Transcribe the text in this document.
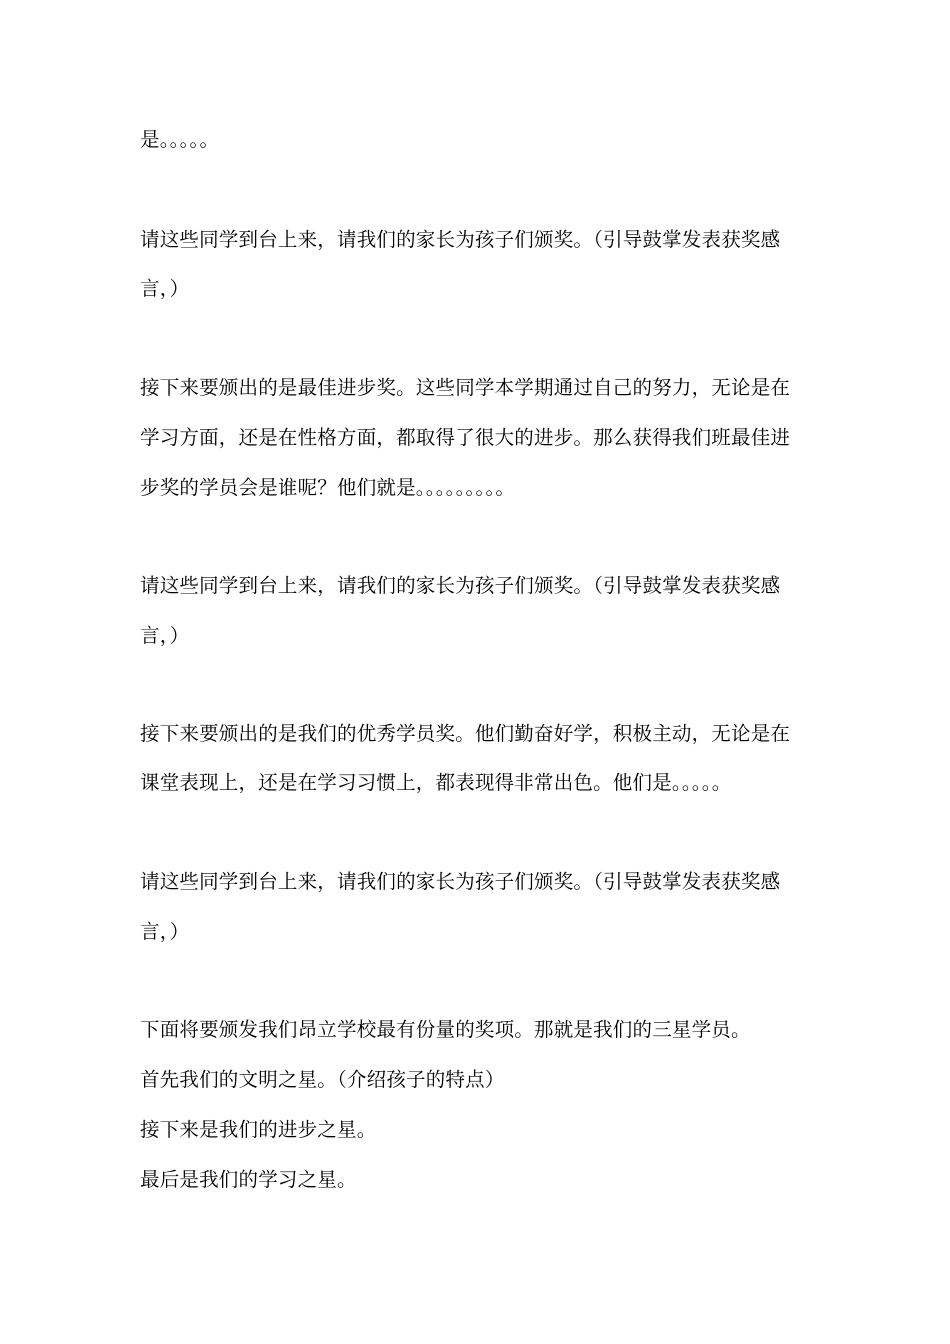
是。。。。。
请这些同学到台上来，请我们的家长为孩子们颁奖。（引导鼓掌发表获奖感
言，）
接下来要颁出的是最佳进步奖。这些同学本学期通过自己的努力，无论是在
学习方面，还是在性格方面，都取得了很大的进步。那么获得我们班最佳进
步奖的学员会是谁呢？他们就是。。。。。。。。。
请这些同学到台上来，请我们的家长为孩子们颁奖。（引导鼓掌发表获奖感
言，）
接下来要颁出的是我们的优秀学员奖。他们勤奋好学，积极主动，无论是在
课堂表现上，还是在学习习惯上，都表现得非常出色。他们是。。。。。
请这些同学到台上来，请我们的家长为孩子们颁奖。（引导鼓掌发表获奖感
言，）
下面将要颁发我们昂立学校最有份量的奖项。那就是我们的三星学员。
首先我们的文明之星。（介绍孩子的特点）
接下来是我们的进步之星。
最后是我们的学习之星。
